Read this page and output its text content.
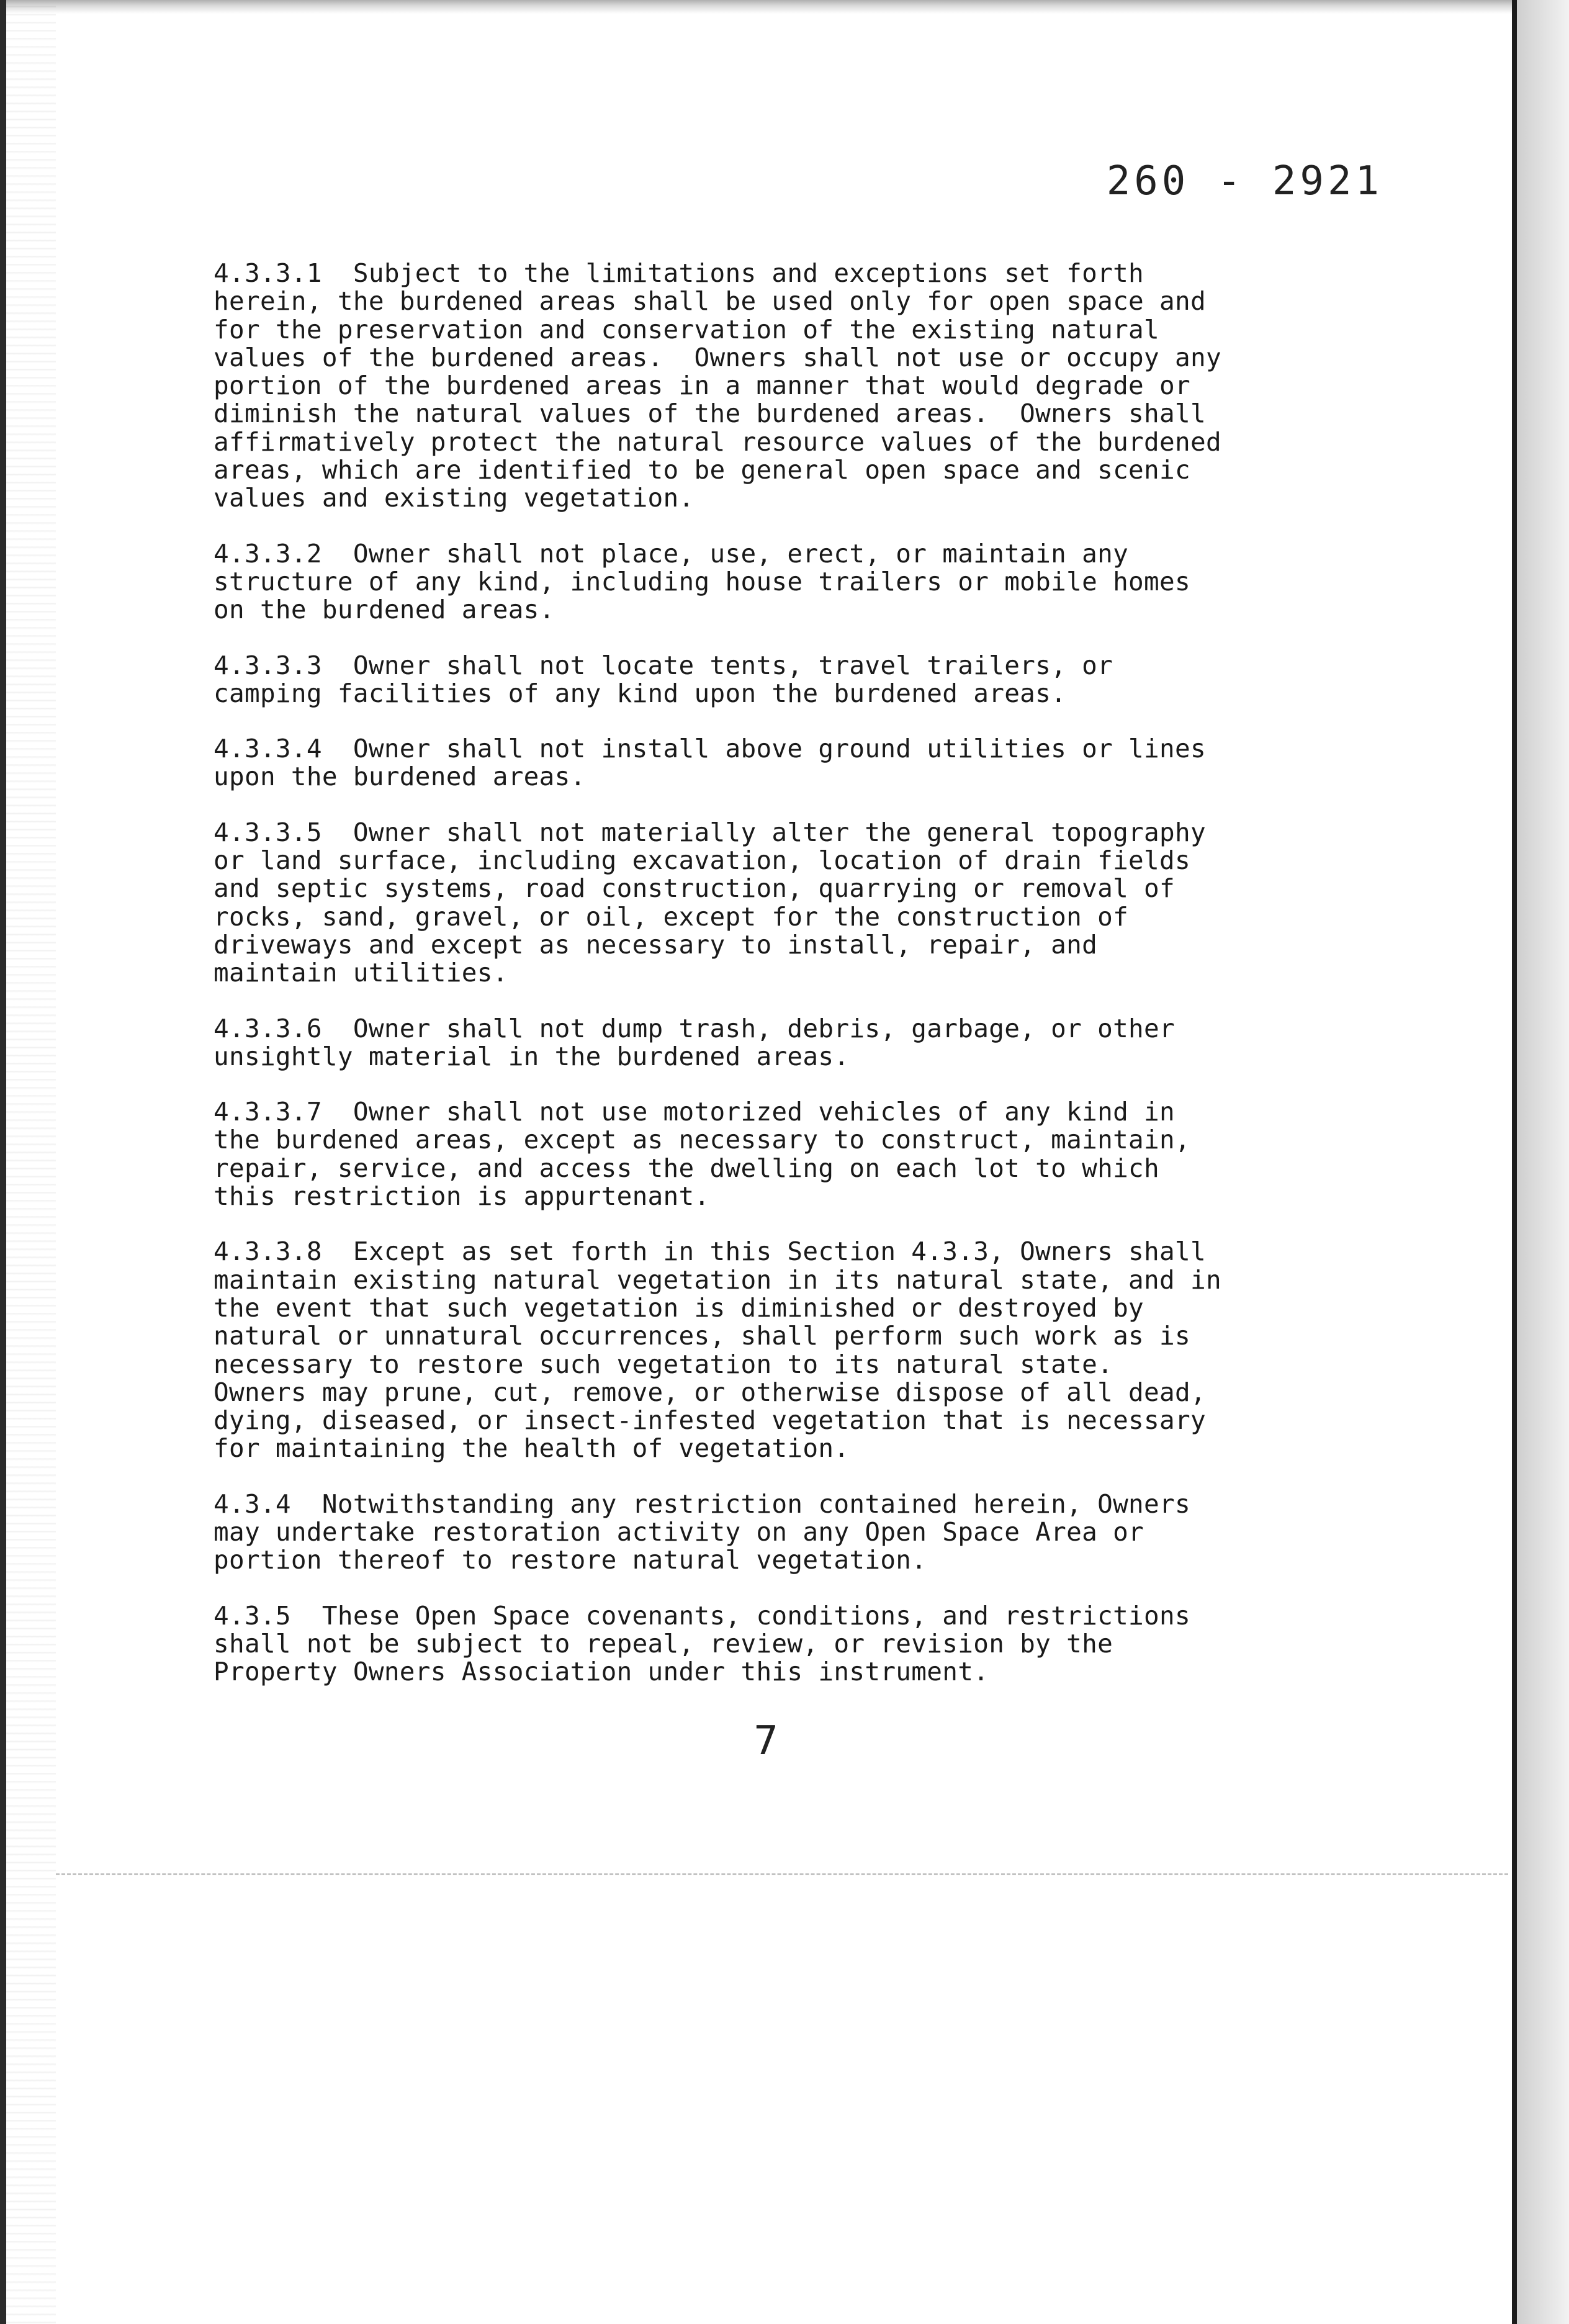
260 - 2921

4.3.3.1  Subject to the limitations and exceptions set forth
herein, the burdened areas shall be used only for open space and
for the preservation and conservation of the existing natural
values of the burdened areas.  Owners shall not use or occupy any
portion of the burdened areas in a manner that would degrade or
diminish the natural values of the burdened areas.  Owners shall
affirmatively protect the natural resource values of the burdened
areas, which are identified to be general open space and scenic
values and existing vegetation.

4.3.3.2  Owner shall not place, use, erect, or maintain any
structure of any kind, including house trailers or mobile homes
on the burdened areas.

4.3.3.3  Owner shall not locate tents, travel trailers, or
camping facilities of any kind upon the burdened areas.

4.3.3.4  Owner shall not install above ground utilities or lines
upon the burdened areas.

4.3.3.5  Owner shall not materially alter the general topography
or land surface, including excavation, location of drain fields
and septic systems, road construction, quarrying or removal of
rocks, sand, gravel, or oil, except for the construction of
driveways and except as necessary to install, repair, and
maintain utilities.

4.3.3.6  Owner shall not dump trash, debris, garbage, or other
unsightly material in the burdened areas.

4.3.3.7  Owner shall not use motorized vehicles of any kind in
the burdened areas, except as necessary to construct, maintain,
repair, service, and access the dwelling on each lot to which
this restriction is appurtenant.

4.3.3.8  Except as set forth in this Section 4.3.3, Owners shall
maintain existing natural vegetation in its natural state, and in
the event that such vegetation is diminished or destroyed by
natural or unnatural occurrences, shall perform such work as is
necessary to restore such vegetation to its natural state.
Owners may prune, cut, remove, or otherwise dispose of all dead,
dying, diseased, or insect-infested vegetation that is necessary
for maintaining the health of vegetation.

4.3.4  Notwithstanding any restriction contained herein, Owners
may undertake restoration activity on any Open Space Area or
portion thereof to restore natural vegetation.

4.3.5  These Open Space covenants, conditions, and restrictions
shall not be subject to repeal, review, or revision by the
Property Owners Association under this instrument.

7
